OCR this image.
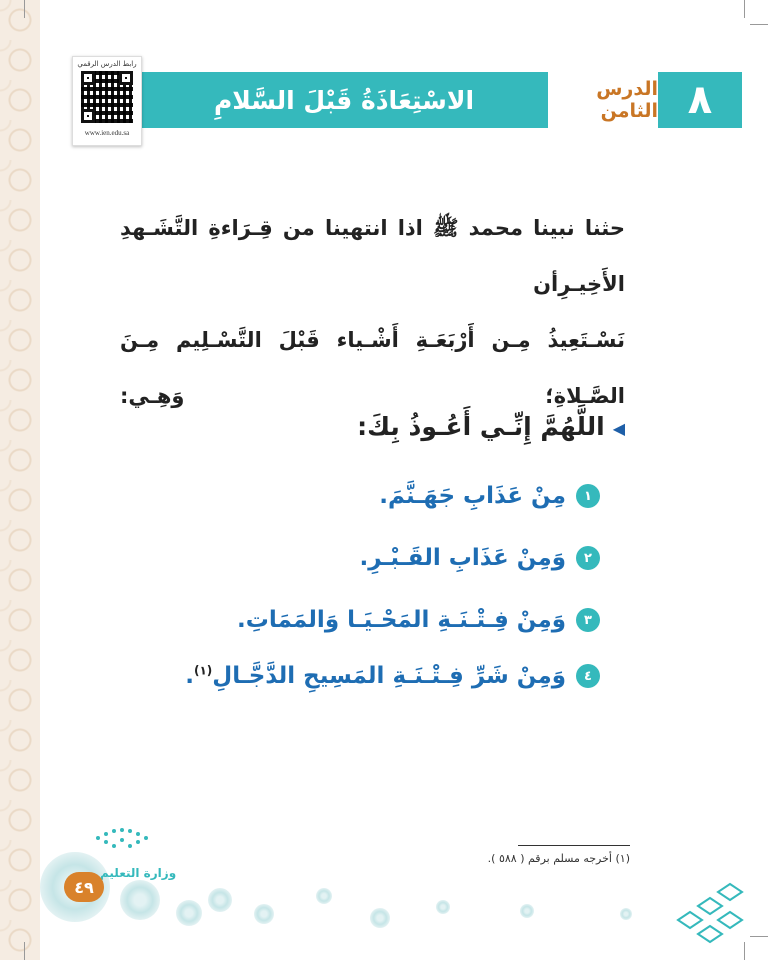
الاسْتِعَاذَةُ قَبْلَ السَّلامِ	الدرس الثامن ٨
رابط الدرس الرقمي
www.ien.edu.sa

حثنا نبينا محمد ﷺ اذا انتهينا من قِـرَاءةِ التَّشَـهدِ الأَخِيـرِأن

نَسْـتَعِيذُ مِـن أَرْبَعَـةِ أَشْـياء قَبْلَ التَّسْـلِيم مِـنَ الصَّـلاةِ؛ وَهِـي:

◀اللَّهُمَّ إِنِّـي أَعُـوذُ بِكَ:
١
مِنْ عَذَابِ جَهَـنَّمَ.
٢
وَمِنْ عَذَابِ القَـبْـرِ.
٣
وَمِنْ فِـتْـنَـةِ المَحْـيَـا وَالمَمَاتِ.
٤
وَمِنْ شَرِّ فِـتْـنَـةِ المَسِيحِ الدَّجَّـالِ$^{(١)}$.
(١) أخرجه مسلم برقم ( ٥٨٨ ).
وزارة التعليم
٤٩
